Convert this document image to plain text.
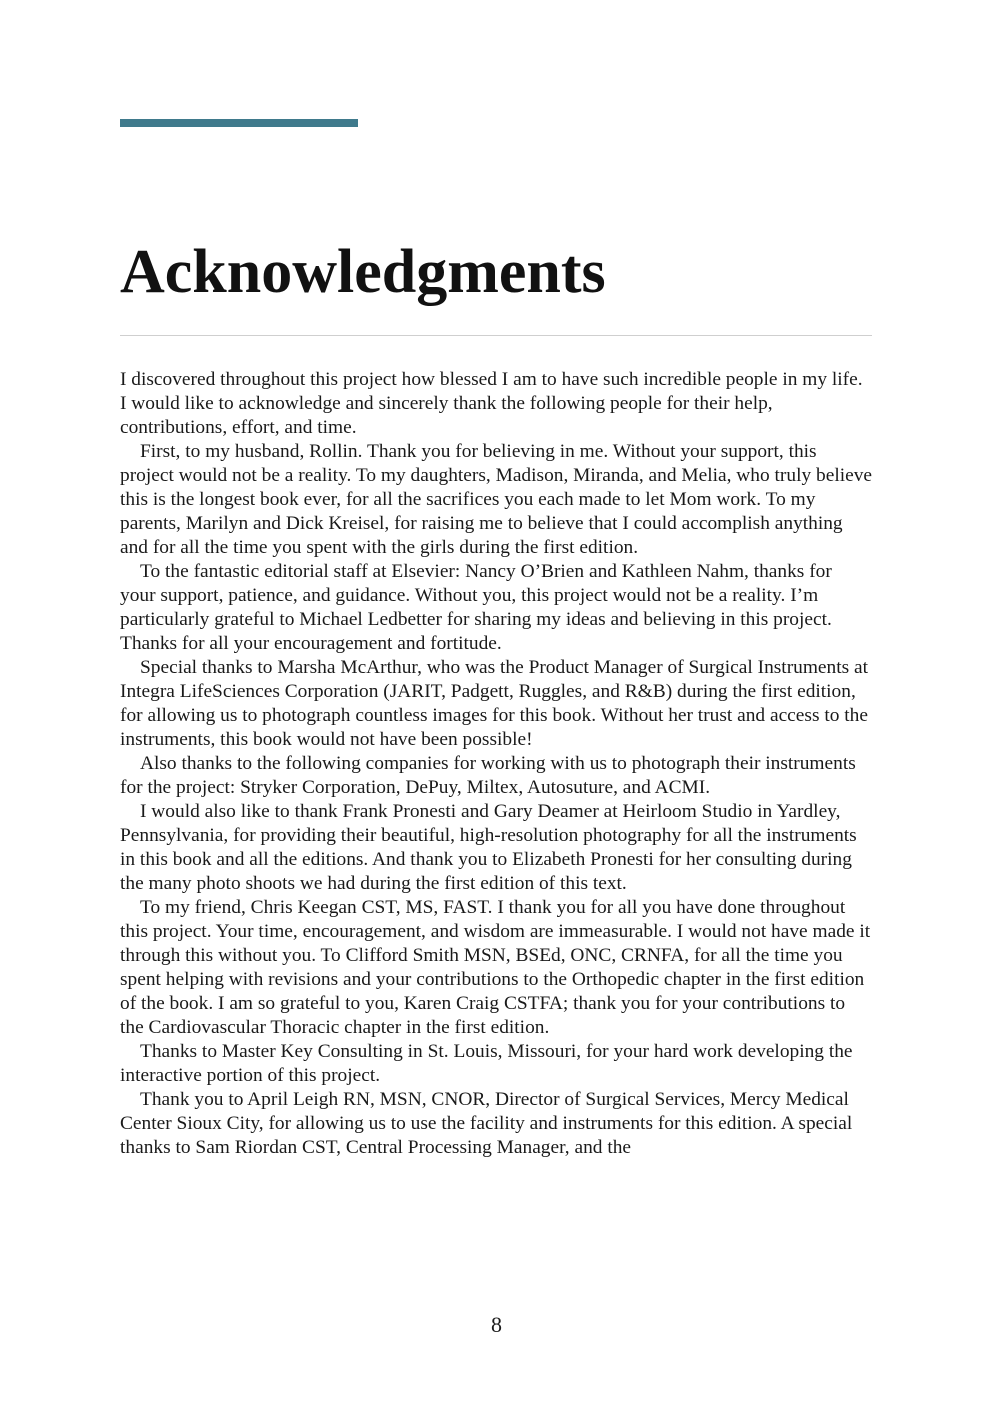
Acknowledgments

I discovered throughout this project how blessed I am to have such incredible people in my life. I would like to acknowledge and sincerely thank the following people for their help, contributions, effort, and time.

First, to my husband, Rollin. Thank you for believing in me. Without your support, this project would not be a reality. To my daughters, Madison, Miranda, and Melia, who truly believe this is the longest book ever, for all the sacrifices you each made to let Mom work. To my parents, Marilyn and Dick Kreisel, for raising me to believe that I could accomplish anything and for all the time you spent with the girls during the first edition.

To the fantastic editorial staff at Elsevier: Nancy O’Brien and Kathleen Nahm, thanks for your support, patience, and guidance. Without you, this project would not be a reality. I’m particularly grateful to Michael Ledbetter for sharing my ideas and believing in this project. Thanks for all your encouragement and fortitude.

Special thanks to Marsha McArthur, who was the Product Manager of Surgical Instruments at Integra LifeSciences Corporation (JARIT, Padgett, Ruggles, and R&B) during the first edition, for allowing us to photograph countless images for this book. Without her trust and access to the instruments, this book would not have been possible!

Also thanks to the following companies for working with us to photograph their instruments for the project: Stryker Corporation, DePuy, Miltex, Autosuture, and ACMI.

I would also like to thank Frank Pronesti and Gary Deamer at Heirloom Studio in Yardley, Pennsylvania, for providing their beautiful, high-resolution photography for all the instruments in this book and all the editions. And thank you to Elizabeth Pronesti for her consulting during the many photo shoots we had during the first edition of this text.

To my friend, Chris Keegan CST, MS, FAST. I thank you for all you have done throughout this project. Your time, encouragement, and wisdom are immeasurable. I would not have made it through this without you. To Clifford Smith MSN, BSEd, ONC, CRNFA, for all the time you spent helping with revisions and your contributions to the Orthopedic chapter in the first edition of the book. I am so grateful to you, Karen Craig CSTFA; thank you for your contributions to the Cardiovascular Thoracic chapter in the first edition.

Thanks to Master Key Consulting in St. Louis, Missouri, for your hard work developing the interactive portion of this project.

Thank you to April Leigh RN, MSN, CNOR, Director of Surgical Services, Mercy Medical Center Sioux City, for allowing us to use the facility and instruments for this edition. A special thanks to Sam Riordan CST, Central Processing Manager, and the

8
